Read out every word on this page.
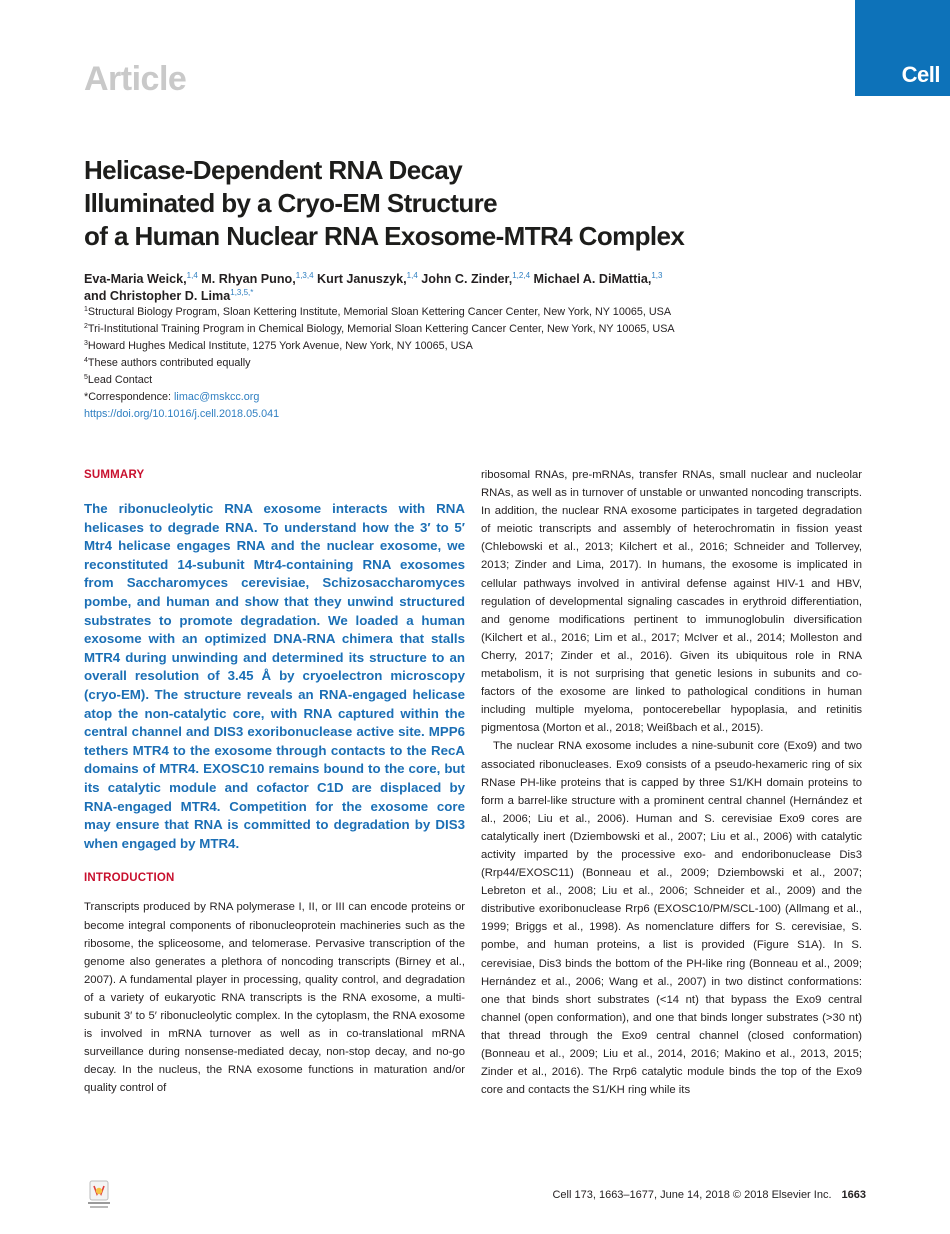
Article	Cell
Helicase-Dependent RNA Decay
Illuminated by a Cryo-EM Structure
of a Human Nuclear RNA Exosome-MTR4 Complex
Eva-Maria Weick,$^{1,4}$ M. Rhyan Puno,$^{1,3,4}$ Kurt Januszyk,$^{1,4}$ John C. Zinder,$^{1,2,4}$ Michael A. DiMattia,$^{1,3}$
and Christopher D. Lima$^{1,3,5,*}$
$^1$Structural Biology Program, Sloan Kettering Institute, Memorial Sloan Kettering Cancer Center, New York, NY 10065, USA
$^2$Tri-Institutional Training Program in Chemical Biology, Memorial Sloan Kettering Cancer Center, New York, NY 10065, USA
$^3$Howard Hughes Medical Institute, 1275 York Avenue, New York, NY 10065, USA
$^4$These authors contributed equally
$^5$Lead Contact
*Correspondence: limac@mskcc.org
https://doi.org/10.1016/j.cell.2018.05.041
SUMMARY
The ribonucleolytic RNA exosome interacts with RNA helicases to degrade RNA. To understand how the 3′ to 5′ Mtr4 helicase engages RNA and the nuclear exosome, we reconstituted 14-subunit Mtr4-containing RNA exosomes from Saccharomyces cerevisiae, Schizosaccharomyces pombe, and human and show that they unwind structured substrates to promote degradation. We loaded a human exosome with an optimized DNA-RNA chimera that stalls MTR4 during unwinding and determined its structure to an overall resolution of 3.45 Å by cryoelectron microscopy (cryo-EM). The structure reveals an RNA-engaged helicase atop the non-catalytic core, with RNA captured within the central channel and DIS3 exoribonuclease active site. MPP6 tethers MTR4 to the exosome through contacts to the RecA domains of MTR4. EXOSC10 remains bound to the core, but its catalytic module and cofactor C1D are displaced by RNA-engaged MTR4. Competition for the exosome core may ensure that RNA is committed to degradation by DIS3 when engaged by MTR4.
INTRODUCTION
Transcripts produced by RNA polymerase I, II, or III can encode proteins or become integral components of ribonucleoprotein machineries such as the ribosome, the spliceosome, and telomerase. Pervasive transcription of the genome also generates a plethora of noncoding transcripts (Birney et al., 2007). A fundamental player in processing, quality control, and degradation of a variety of eukaryotic RNA transcripts is the RNA exosome, a multi-subunit 3′ to 5′ ribonucleolytic complex. In the cytoplasm, the RNA exosome is involved in mRNA turnover as well as in co-translational mRNA surveillance during nonsense-mediated decay, non-stop decay, and no-go decay. In the nucleus, the RNA exosome functions in maturation and/or quality control of
ribosomal RNAs, pre-mRNAs, transfer RNAs, small nuclear and nucleolar RNAs, as well as in turnover of unstable or unwanted noncoding transcripts. In addition, the nuclear RNA exosome participates in targeted degradation of meiotic transcripts and assembly of heterochromatin in fission yeast (Chlebowski et al., 2013; Kilchert et al., 2016; Schneider and Tollervey, 2013; Zinder and Lima, 2017). In humans, the exosome is implicated in cellular pathways involved in antiviral defense against HIV-1 and HBV, regulation of developmental signaling cascades in erythroid differentiation, and genome modifications pertinent to immunoglobulin diversification (Kilchert et al., 2016; Lim et al., 2017; McIver et al., 2014; Molleston and Cherry, 2017; Zinder et al., 2016). Given its ubiquitous role in RNA metabolism, it is not surprising that genetic lesions in subunits and co-factors of the exosome are linked to pathological conditions in human including multiple myeloma, pontocerebellar hypoplasia, and retinitis pigmentosa (Morton et al., 2018; Weißbach et al., 2015).
The nuclear RNA exosome includes a nine-subunit core (Exo9) and two associated ribonucleases. Exo9 consists of a pseudo-hexameric ring of six RNase PH-like proteins that is capped by three S1/KH domain proteins to form a barrel-like structure with a prominent central channel (Hernández et al., 2006; Liu et al., 2006). Human and S. cerevisiae Exo9 cores are catalytically inert (Dziembowski et al., 2007; Liu et al., 2006) with catalytic activity imparted by the processive exo- and endoribonuclease Dis3 (Rrp44/EXOSC11) (Bonneau et al., 2009; Dziembowski et al., 2007; Lebreton et al., 2008; Liu et al., 2006; Schneider et al., 2009) and the distributive exoribonuclease Rrp6 (EXOSC10/PM/SCL-100) (Allmang et al., 1999; Briggs et al., 1998). As nomenclature differs for S. cerevisiae, S. pombe, and human proteins, a list is provided (Figure S1A). In S. cerevisiae, Dis3 binds the bottom of the PH-like ring (Bonneau et al., 2009; Hernández et al., 2006; Wang et al., 2007) in two distinct conformations: one that binds short substrates (<14 nt) that bypass the Exo9 central channel (open conformation), and one that binds longer substrates (>30 nt) that thread through the Exo9 central channel (closed conformation) (Bonneau et al., 2009; Liu et al., 2014, 2016; Makino et al., 2013, 2015; Zinder et al., 2016). The Rrp6 catalytic module binds the top of the Exo9 core and contacts the S1/KH ring while its
Cell 173, 1663–1677, June 14, 2018 © 2018 Elsevier Inc. 1663
